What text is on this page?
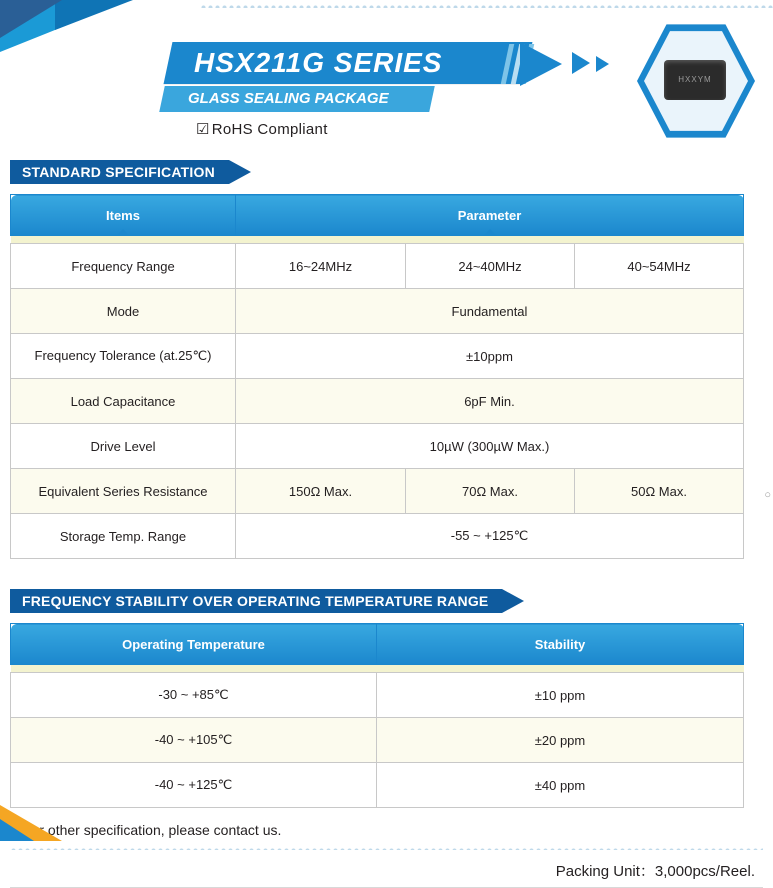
HSX211G SERIES
GLASS SEALING PACKAGE
HXXYM
☑ RoHS Compliant
STANDARD SPECIFICATION
Items	Parameter		

Frequency Range	16~24MHz	24~40MHz	40~54MHz
Mode	Fundamental		
Frequency Tolerance (at.25℃)	±10ppm		
Load Capacitance	6pF Min.		
Drive Level	10µW (300µW Max.)		
Equivalent Series Resistance	150Ω Max.	70Ω Max.	50Ω Max.
Storage Temp. Range	-55 ~ +125℃		
○
FREQUENCY STABILITY OVER OPERATING TEMPERATURE RANGE
Operating Temperature	Stability

-30 ~ +85℃	±10 ppm
-40 ~ +105℃	±20 ppm
-40 ~ +125℃	±40 ppm
＊For other specification, please contact us.
Packing Unit：3,000pcs/Reel.
